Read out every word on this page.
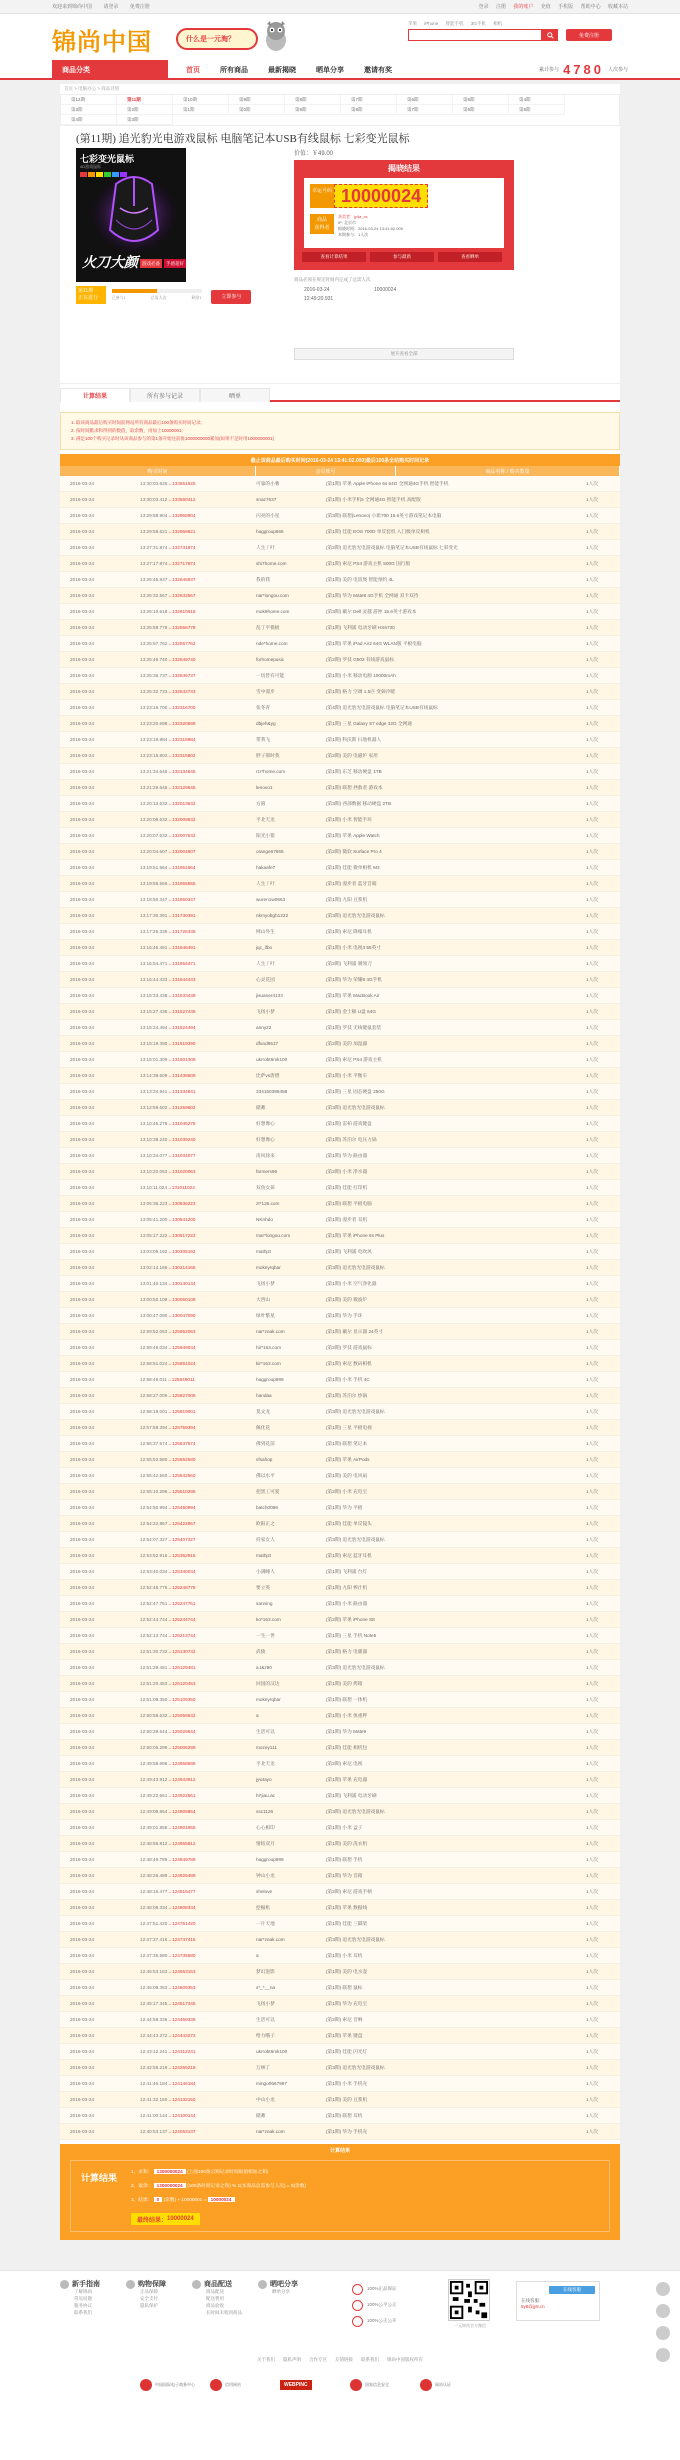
欢迎来到锦尚中国 请登录 免费注册	登录 注册 我的账户 充值 手机版 帮助中心 收藏本站
锦尚中国	什么是一元淘？
苹果 iPhone 智能手机 3G手机 相机
免费注册
商品分类	首页	所有商品	最新揭晓	晒单分享	邀请有奖	累计参与 4780 人次参与
首页 > 电脑办公 > 商品详情
第12期	第11期	第10期	第9期	第8期	第7期	第6期	第5期	第4期
第3期	第2期	第1期	第0期	第9期	第8期	第7期	第6期	第5期
第4期	第3期
(第11期) 追光豹光电游戏鼠标 电脑笔记本USB有线鼠标 七彩变光鼠标
七彩变光鼠标
4D游戏鼠标
火刀大颜 游戏必备	手感超好
第11期
正在进行
	已参与1	总需人次	剩余1	立即参与
价值：￥49.00
揭晓结果
幸运号码 10000024
商品
获得者
获奖者：jy4a_cs
IP: 北京市
揭晓时间：2016-03-24 13:41:02.000
本期参与：1人次
查看计算结果	参与最新	查看晒单
商品必须在规定时间内完成了总需人次
2016-03-24	10000024
12:49:20.931
展开查看全部
计算结果	所有参与记录	晒单
1. 取该商品最后购买时间前网站所有商品最后100条购买时间记录;
2. 按时间戳求和得到的数值，取余数，再加上10000001;
3. 满足100个购买记录时从该商品参与的第1条开始往前推1000000000累加(如果不足时用1000000001)
截止该商品最后购买时间[2016-03-24 13:41:02.000]最后100条全站购买时间记录
购买时间	会员账号	商品名称 / 购买数量
2016-03-24	13:30:03.625→133551625	可靠的小薯	(第1期) 苹果 Apple iPhone 6s 64G 全网通4G手机 智能手机	1人次
2016-03-24	13:30:03.412→133550412	snaz7637	(第1期) 小米手机5 全网通4G 智能手机 高配版	1人次
2016-03-24	13:29:58.904→132958904	闪亮的小星	(第3期) 联想(Lenovo) 小新700 15.6英寸游戏笔记本电脑	1人次
2016-03-24	13:29:58.621→132958621	haggroup666	(第1期) 佳能 EOS 700D 单反套机 入门级单反相机	1人次
2016-03-24	13:27:31.874→132731874	人生丿叶	(第2期) 追光豹光电游戏鼠标 电脑笔记本USB有线鼠标 七彩变光	1人次
2016-03-24	13:27:17.874→132717874	shi7home.com	(第1期) 索尼 PS4 游戏主机 500G 国行版	1人次
2016-03-24	13:26:46.937→132646937	我的我	(第1期) 美的 电饭煲 智能预约 4L	1人次
2016-03-24	13:26:32.567→132632567	nar*longou.com	(第1期) 华为 Mate8 4G手机 全网通 双卡双待	1人次
2016-03-24	13:26:10.618→132610618	mok9home.com	(第3期) 戴尔 Dell 灵越 游匣 15.6英寸游戏本	1人次
2016-03-24	13:25:58.778→132558778	乱丁平模板	(第1期) 飞利浦 电动牙刷 HX6730	1人次
2016-03-24	13:25:57.762→132557762	nde*home.com	(第1期) 苹果 iPad Air2 64G WLAN版 平板电脑	1人次
2016-03-24	13:25:49.740→132549740	forhomepusic	(第2期) 罗技 G502 有线游戏鼠标	1人次
2016-03-24	13:25:36.737→132536737	一切皆有可能	(第1期) 小米 移动电源 10000mAh	1人次
2016-03-24	13:25:32.733→132532733	雪中漫步	(第1期) 格力 空调 1.5匹 变频冷暖	1人次
2016-03-24	13:23:16.700→132316700	张冬青	(第4期) 追光豹光电游戏鼠标 电脑笔记本USB有线鼠标	1人次
2016-03-24	13:23:20.698→132320698	dbjeh&yg	(第1期) 三星 Galaxy S7 edge 32G 全网通	1人次
2016-03-24	13:23:19.884→132319884	带我飞	(第1期) 科沃斯 扫地机器人	1人次
2016-03-24	13:23:15.802→132315802	胖子那时我	(第2期) 美的 电磁炉 家用	1人次
2016-03-24	13:21:34.646→132134646	rzr*home.com	(第1期) 东芝 移动硬盘 1TB	1人次
2016-03-24	13:21:29.646→132129646	lenovo1	(第1期) 联想 拯救者 游戏本	1人次
2016-03-24	13:20:13.632→132013632	方圆	(第3期) 西部数据 移动硬盘 2TB	1人次
2016-03-24	13:20:08.632→132008632	平北天龙	(第1期) 小米 智能手环	1人次
2016-03-24	13:20:07.632→132007632	阳光小猪	(第1期) 苹果 Apple Watch	1人次
2016-03-24	13:20:04.607→132004607	orange67665	(第2期) 微软 Surface Pro 4	1人次
2016-03-24	13:19:51.564→131951564	hakaafe7	(第1期) 佳能 微单相机 M3	1人次
2016-03-24	13:19:55.555→131955555	人生丿叶	(第1期) 漫步者 蓝牙音箱	1人次
2016-03-24	13:18:50.347→131850347	wuren1w0663	(第1期) 九阳 豆浆机	1人次
2016-03-24	13:17:30.391→131730391	nkmyobgh1222	(第3期) 追光豹光电游戏鼠标	1人次
2016-03-24	13:17:25.335→131725335	网山外生	(第1期) 索尼 降噪耳机	1人次
2016-03-24	13:16:46.491→131646491	jqc_ifbo	(第1期) 小米 电视3 55英寸	1人次
2016-03-24	13:16:54.471→131654471	人生丿叶	(第2期) 飞利浦 剃须刀	1人次
2016-03-24	13:16:44.433→131644433	心灵花园	(第1期) 华为 荣耀8 4G手机	1人次
2016-03-24	13:15:33.438→131533438	jisuaner4133	(第1期) 苹果 MacBook Air	1人次
2016-03-24	13:15:27.436→131527436	飞扬小梦	(第1期) 金士顿 U盘 64G	1人次
2016-03-24	13:15:24.494→131524494	anny22	(第1期) 罗技 无线键鼠套装	1人次
2016-03-24	13:15:19.390→131519390	dfund9517	(第2期) 美的 加湿器	1人次
2016-03-24	13:15:01.309→131501309	ukrrobt6mk100	(第1期) 索尼 PS4 游戏主机	1人次
2016-03-24	13:14:38.609→131438609	比萨vs唐僧	(第1期) 小米 平衡车	1人次
2016-03-24	13:13:34.941→131334941	334150388458	(第1期) 三星 固态硬盘 250G	1人次
2016-03-24	13:12:59.602→131259602	储蓄	(第3期) 追光豹光电游戏鼠标	1人次
2016-03-24	13:10:45.276→131045276	好想像心	(第1期) 雷柏 游戏键盘	1人次
2016-03-24	13:10:39.240→131039240	好想像心	(第1期) 苏泊尔 电压力锅	1人次
2016-03-24	13:10:34.077→131034077	清风徐来	(第1期) 华为 路由器	1人次
2016-03-24	13:10:20.063→131020063	farmers96	(第2期) 小米 净水器	1人次
2016-03-24	13:10:11.024→131011024	双鱼女孩	(第1期) 佳能 打印机	1人次
2016-03-24	13:06:36.223→130636223	zt*126.com	(第1期) 联想 平板电脑	1人次
2016-03-24	13:05:41.200→130541200	NKnhdo	(第1期) 漫步者 耳机	1人次
2016-03-24	13:05:17.222→130517222	mar*longou.com	(第1期) 苹果 iPhone 6s Plus	1人次
2016-03-24	13:03:05.192→130305192	mathjzt	(第1期) 飞利浦 电吹风	1人次
2016-03-24	13:02:14.166→130214166	mokeyrqbar	(第3期) 追光豹光电游戏鼠标	1人次
2016-03-24	13:01:40.134→130140134	飞扬小梦	(第1期) 小米 空气净化器	1人次
2016-03-24	13:00:50.108→130050108	大西山	(第1期) 美的 微波炉	1人次
2016-03-24	13:00:47.090→130047090	绿叶繁星	(第1期) 华为 手环	1人次
2016-03-24	12:59:52.063→125952063	nar*zeak.com	(第1期) 戴尔 显示器 24英寸	1人次
2016-03-24	12:59:49.034→125949034	hir*163.com	(第2期) 罗技 游戏鼠标	1人次
2016-03-24	12:58:51.024→125851024	kir*163.com	(第1期) 索尼 数码相机	1人次
2016-03-24	12:58:49.011→125849011	haggroup999	(第1期) 小米 手机 4C	1人次
2016-03-24	12:58:27.006→125827006	handaa	(第1期) 苏泊尔 炒锅	1人次
2016-03-24	12:58:19.001→125819001	莫文龙	(第3期) 追光豹光电游戏鼠标	1人次
2016-03-24	12:57:59.394→125759394	佩化花	(第1期) 三星 平板电视	1人次
2016-03-24	12:56:37.574→125637574	佛到花前	(第1期) 联想 笔记本	1人次
2016-03-24	12:55:52.580→125552580	vfsahop	(第1期) 苹果 AirPods	1人次
2016-03-24	12:55:42.560→125542560	佛以水平	(第1期) 美的 电风扇	1人次
2016-03-24	12:55:10.296→125510296	把黑工可爱	(第2期) 小米 充电宝	1人次
2016-03-24	12:54:50.994→125450994	batch0099	(第1期) 华为 平板	1人次
2016-03-24	12:54:22.867→125422867	欧阳正之	(第1期) 佳能 单反镜头	1人次
2016-03-24	12:54:07.327→125407327	持家女人	(第3期) 追光豹光电游戏鼠标	1人次
2016-03-24	12:53:52.916→125352916	mathjzt	(第1期) 索尼 蓝牙耳机	1人次
2016-03-24	12:53:40.034→125340034	小满睡人	(第1期) 飞利浦 台灯	1人次
2016-03-24	12:52:48.776→125248776	要立英	(第1期) 九阳 榨汁机	1人次
2016-03-24	12:52:47.751→125247751	sanning	(第1期) 小米 路由器	1人次
2016-03-24	12:52:44.744→125244744	ko*163.com	(第2期) 苹果 iPhone SE	1人次
2016-03-24	12:52:13.744→125213744	一生一世	(第1期) 三星 手机 Note5	1人次
2016-03-24	12:51:30.732→125130732	武陵	(第1期) 格力 电暖器	1人次
2016-03-24	12:51:29.481→125129481	a.t&z90	(第3期) 追光豹光电游戏鼠标	1人次
2016-03-24	12:51:20.453→125120453	回园的汉达	(第1期) 美的 烤箱	1人次
2016-03-24	12:51:09.350→125109350	mokeyrqbar	(第1期) 联想 一体机	1人次
2016-03-24	12:50:58.632→125058632	a	(第1期) 小米 体重秤	1人次
2016-03-24	12:50:29.644→125029644	生活可以	(第1期) 华为 Mate9	1人次
2016-03-24	12:50:06.299→125006299	mozey111	(第1期) 佳能 相机包	1人次
2016-03-24	12:49:58.696→124958696	平北天龙	(第2期) 索尼 电视	1人次
2016-03-24	12:49:43.912→124943912	jywtayo	(第1期) 苹果 充电器	1人次
2016-03-24	12:49:22.661→124922661	hi*jiau.ac	(第1期) 飞利浦 电动牙刷	1人次
2016-03-24	12:49:09.854→124909854	ssc1126	(第3期) 追光豹光电游戏鼠标	1人次
2016-03-24	12:49:01.855→124901855	心心相印	(第1期) 小米 盒子	1人次
2016-03-24	12:48:55.812→124855812	情结双月	(第1期) 美的 洗衣机	1人次
2016-03-24	12:48:49.789→124849789	haggroup999	(第1期) 联想 手机	1人次
2016-03-24	12:48:26.489→124826489	钟山小龙	(第1期) 华为 音箱	1人次
2016-03-24	12:48:16.477→124816477	shelove	(第2期) 索尼 游戏手柄	1人次
2016-03-24	12:48:08.334→124808334	挖掘机	(第1期) 苹果 数据线	1人次
2016-03-24	12:47:51.420→124751420	一片天地	(第1期) 佳能 三脚架	1人次
2016-03-24	12:47:37.416→124737416	nar*zeak.com	(第3期) 追光豹光电游戏鼠标	1人次
2016-03-24	12:47:35.580→124735580	a	(第1期) 小米 耳机	1人次
2016-03-24	12:46:53.153→124653153	梦幻泡影	(第1期) 美的 电水壶	1人次
2016-03-24	12:46:09.353→124609353	x*_*__na	(第1期) 联想 鼠标	1人次
2016-03-24	12:45:17.345→124517345	飞扬小梦	(第1期) 华为 充电宝	1人次
2016-03-24	12:44:59.336→124459336	生活可以	(第2期) 索尼 音响	1人次
2016-03-24	12:44:43.272→124443272	给力哦子	(第1期) 苹果 键盘	1人次
2016-03-24	12:43:12.241→124312241	ukrrobt6mk100	(第1期) 佳能 闪光灯	1人次
2016-03-24	12:42:55.219→124255219	万林丁	(第3期) 追光豹光电游戏鼠标	1人次
2016-03-24	12:41:46.184→124146184	mingo0667997	(第1期) 小米 手机壳	1人次
2016-03-24	12:41:32.150→124132150	中山小龙	(第1期) 美的 豆浆机	1人次
2016-03-24	12:41:00.144→124100144	储蓄	(第1期) 联想 耳机	1人次
2016-03-24	12:40:53.137→124053137	nar*zeak.com	(第1期) 华为 手机壳	1人次
计算结果
计算结果
1、求和： 1300000024 (上面100条云购记录时间取值相加之和)
2、取余： 1300000024 (100条时间记录之和) % 1(本商品总需参与人次) = 0(余数)
3、结果： 0 (余数) + 10000001 = 10000024
最终结果： 10000024
新手指南
了解锦尚
常见问题
服务协议
联系我们
购物保障
正品保障
安全支付
隐私保护
商品配送
商品配送
配送费用
商品验收
长时间未收到商品
晒吧分享
晒单分享
100%正品保证
100%公平公正
100%公正公开
一元锦尚官方微信
在线客服
在线客服：
5y8@jy8.cn
关于我们 隐私声明 合作专区 友情链接 联系我们 锦尚中国版权所有
中国国际电子商务中心	信用网站	WEBPINC	国家信息安全	网站认证
